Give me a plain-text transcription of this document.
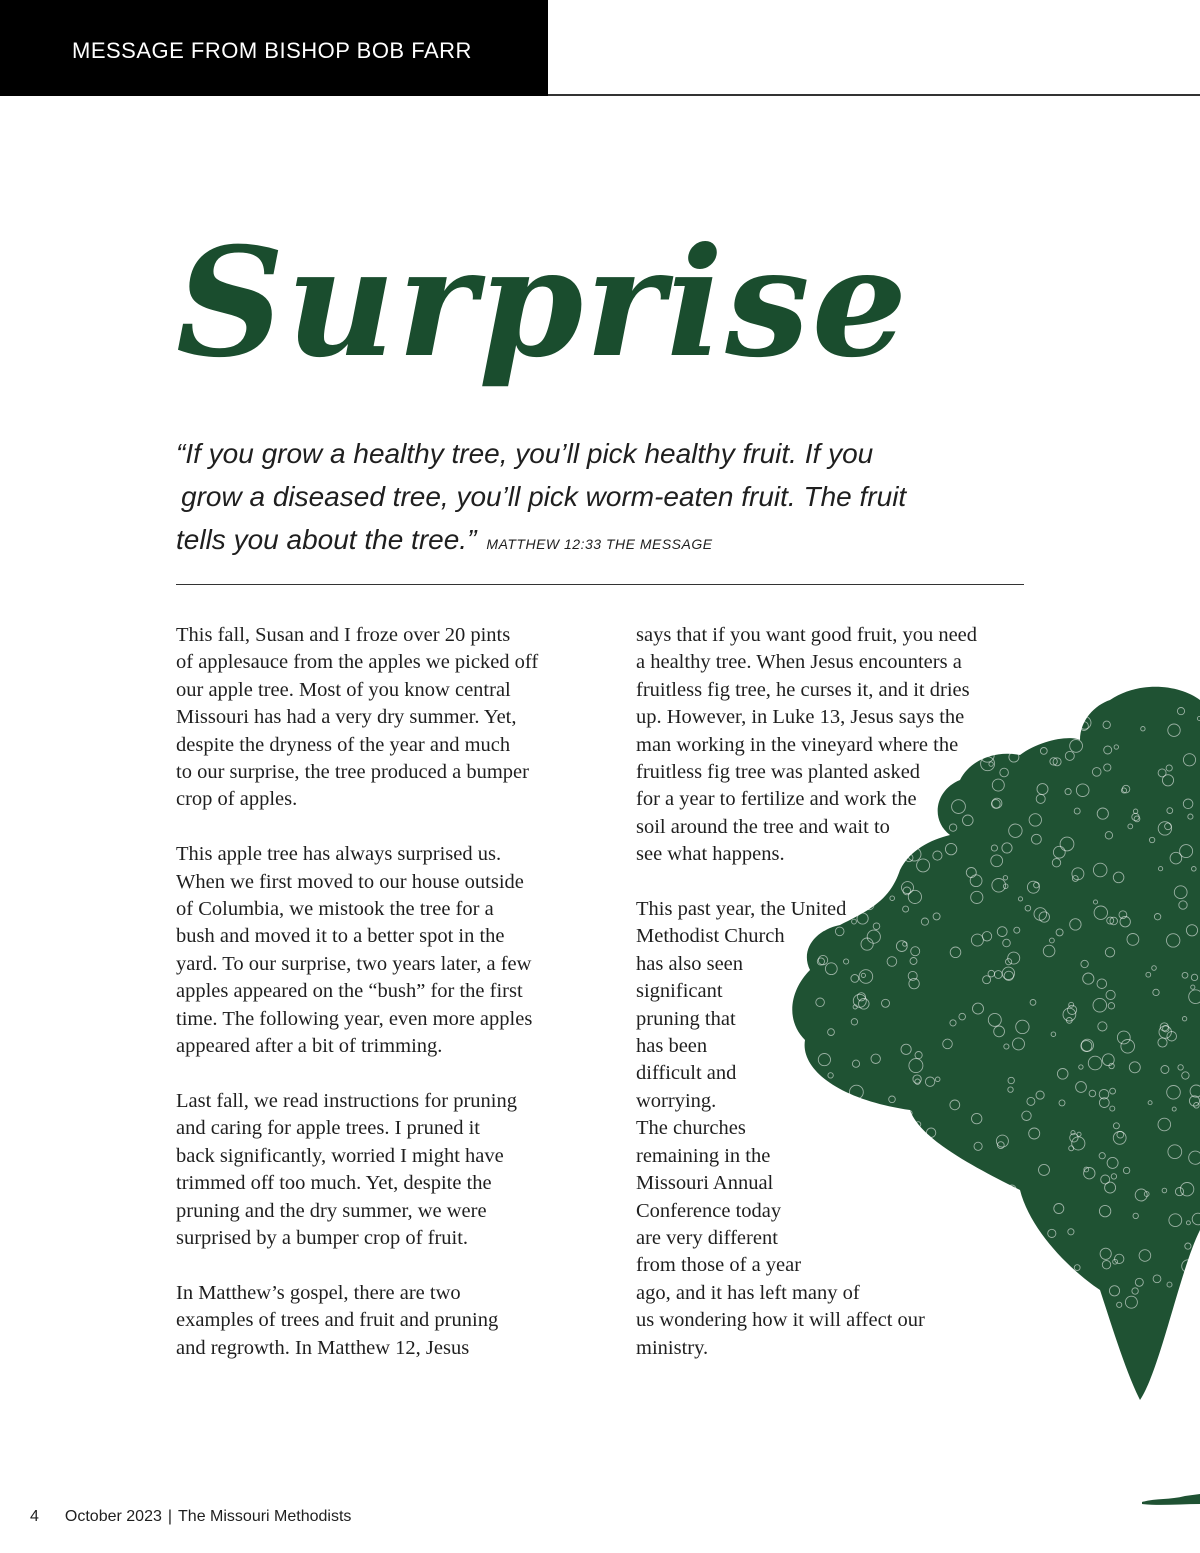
MESSAGE FROM BISHOP BOB FARR
Surprise
“If you grow a healthy tree, you’ll pick healthy fruit. If you
grow a diseased tree, you’ll pick worm-eaten fruit. The fruit
tells you about the tree.” MATTHEW 12:33 THE MESSAGE
This fall, Susan and I froze over 20 pints
of applesauce from the apples we picked off
our apple tree. Most of you know central
Missouri has had a very dry summer. Yet,
despite the dryness of the year and much
to our surprise, the tree produced a bumper
crop of apples.
This apple tree has always surprised us.
When we first moved to our house outside
of Columbia, we mistook the tree for a
bush and moved it to a better spot in the
yard. To our surprise, two years later, a few
apples appeared on the “bush” for the first
time. The following year, even more apples
appeared after a bit of trimming.
Last fall, we read instructions for pruning
and caring for apple trees. I pruned it
back significantly, worried I might have
trimmed off too much. Yet, despite the
pruning and the dry summer, we were
surprised by a bumper crop of fruit.
In Matthew’s gospel, there are two
examples of trees and fruit and pruning
and regrowth. In Matthew 12, Jesus
says that if you want good fruit, you need
a healthy tree. When Jesus encounters a
fruitless fig tree, he curses it, and it dries
up. However, in Luke 13, Jesus says the
man working in the vineyard where the
fruitless fig tree was planted asked
for a year to fertilize and work the
soil around the tree and wait to
see what happens.
This past year, the United
Methodist Church
has also seen
significant
pruning that
has been
difficult and
worrying.
The churches
remaining in the
Missouri Annual
Conference today
are very different
from those of a year
ago, and it has left many of
us wondering how it will affect our
ministry.
4 October 2023 | The Missouri Methodists
